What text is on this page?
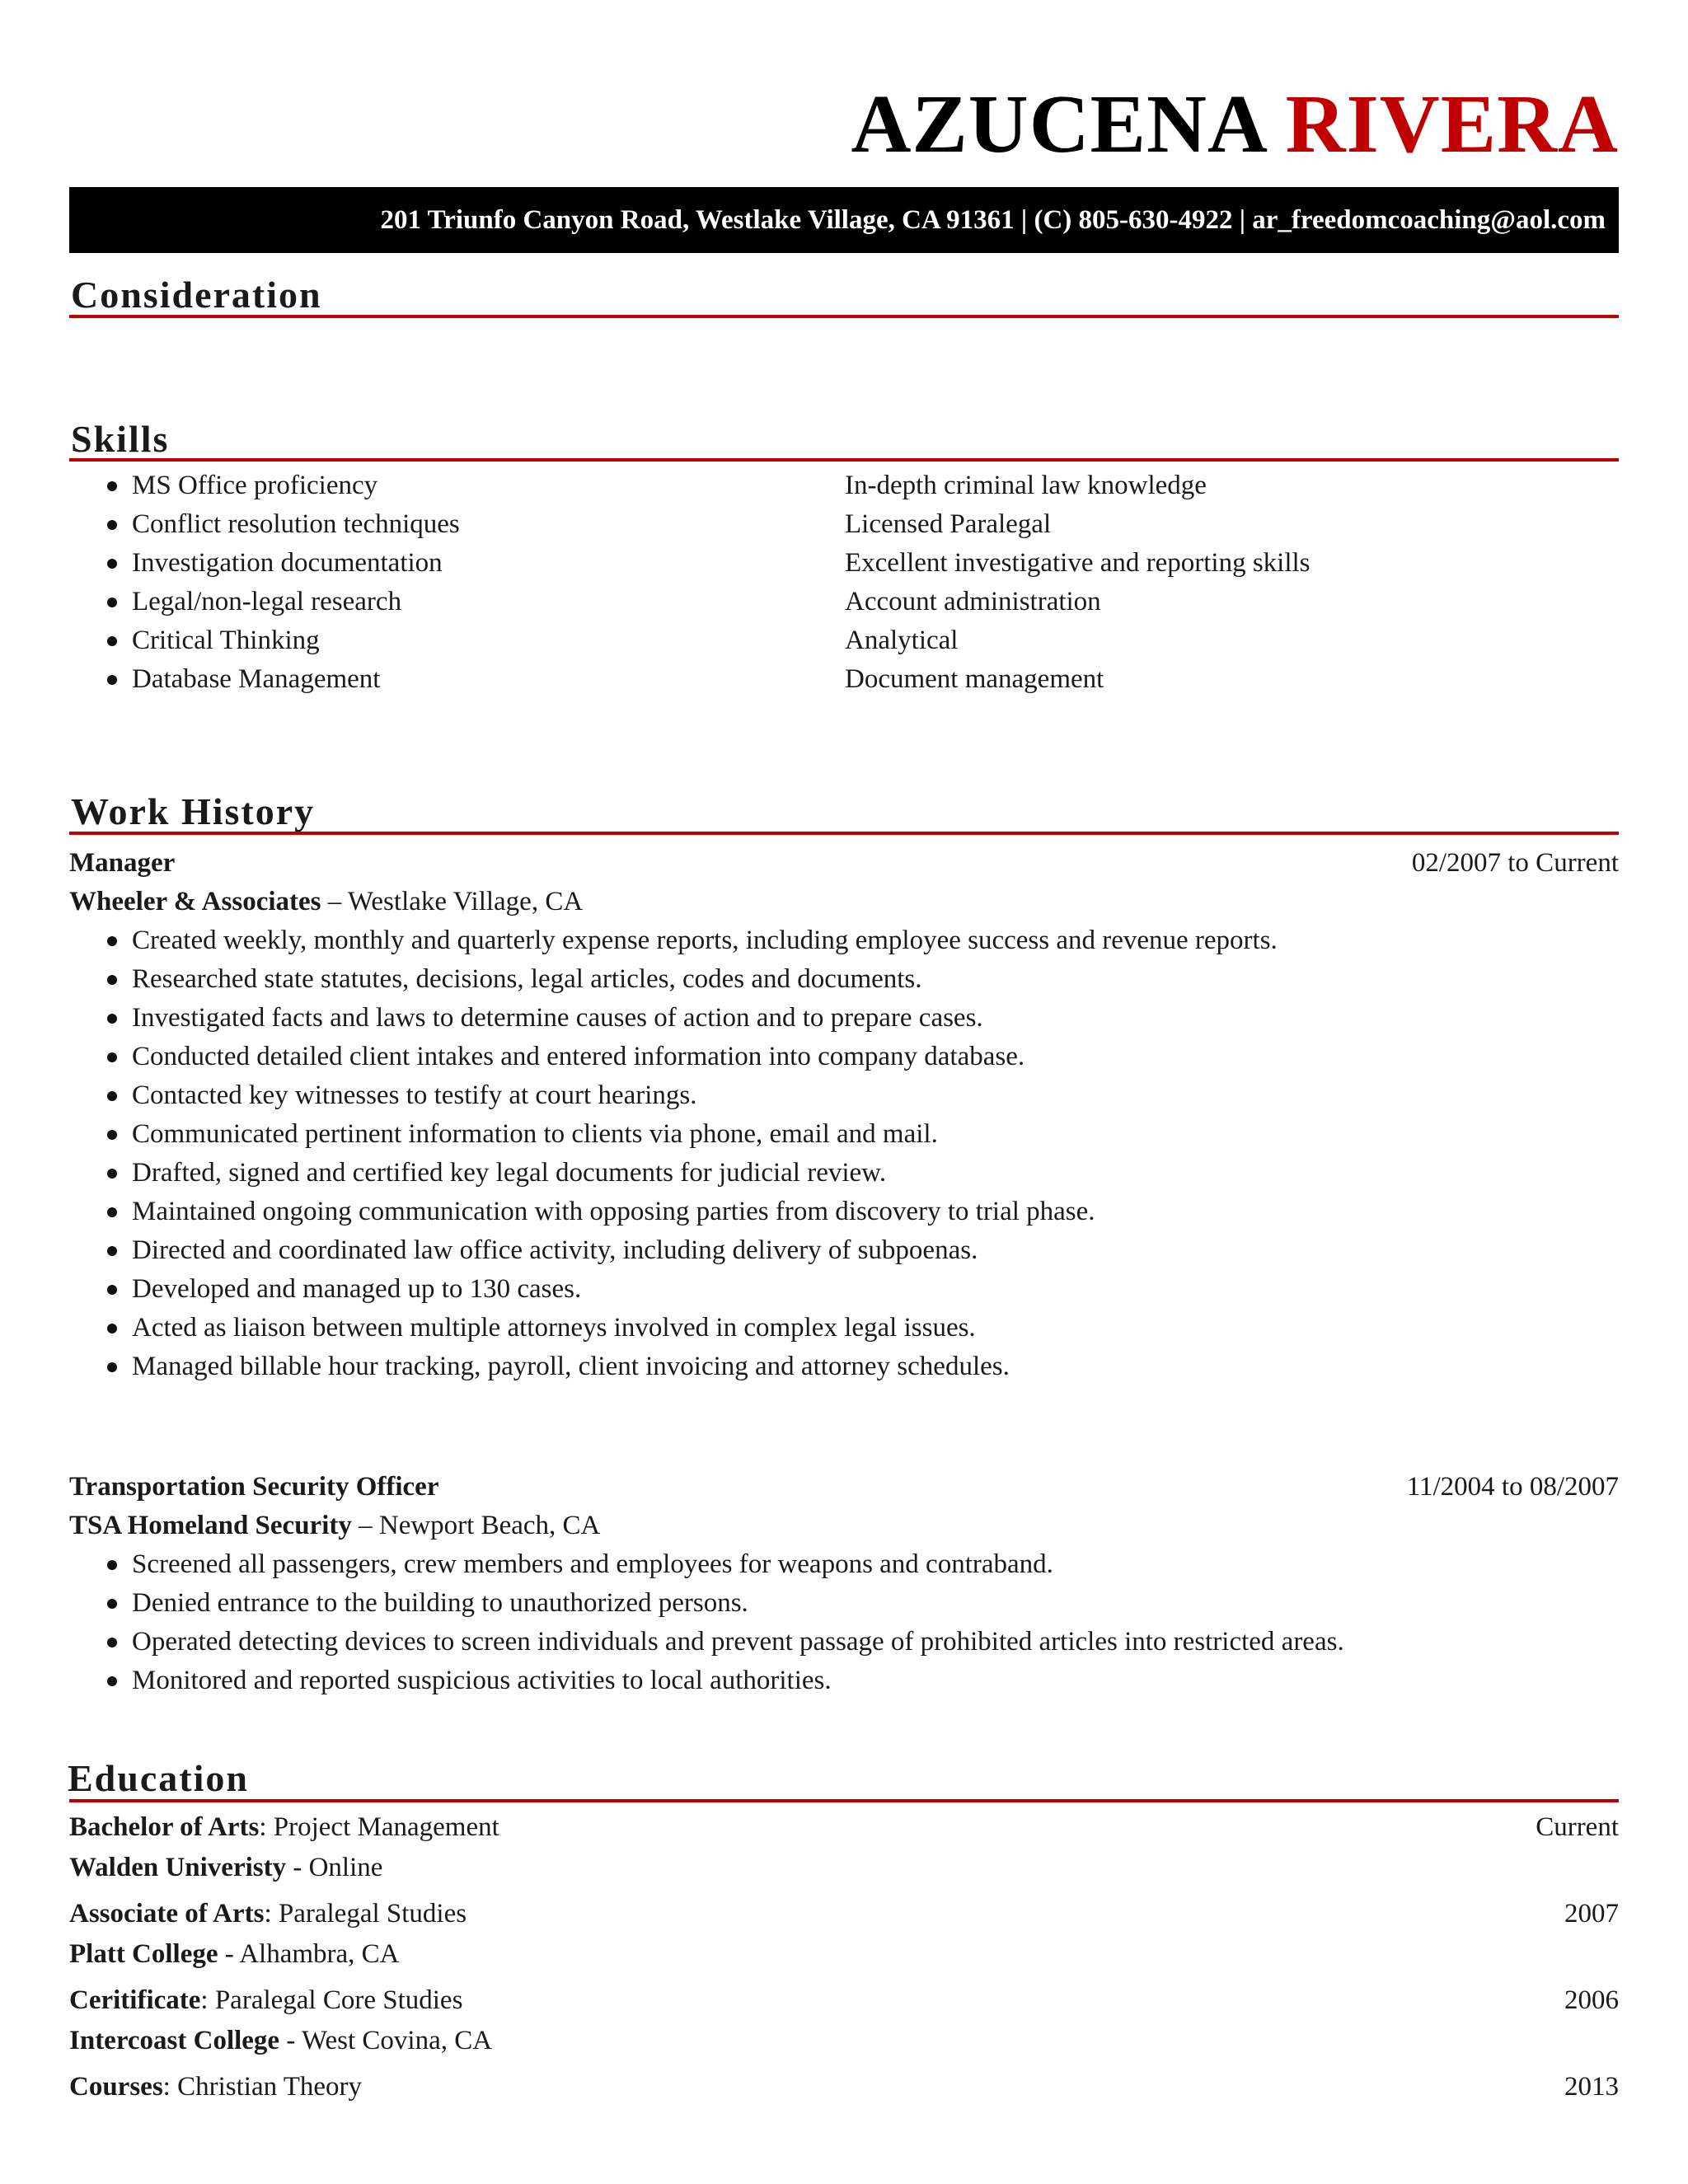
AZUCENA RIVERA
201 Triunfo Canyon Road, Westlake Village, CA 91361 | (C) 805-630-4922 | ar_freedomcoaching@aol.com
Consideration
Skills
MS Office proficiency
Conflict resolution techniques
Investigation documentation
Legal/non-legal research
Critical Thinking
Database Management
In-depth criminal law knowledge
Licensed Paralegal
Excellent investigative and reporting skills
Account administration
Analytical
Document management
Work History
Manager	02/2007 to Current
Wheeler & Associates – Westlake Village, CA
Created weekly, monthly and quarterly expense reports, including employee success and revenue reports.
Researched state statutes, decisions, legal articles, codes and documents.
Investigated facts and laws to determine causes of action and to prepare cases.
Conducted detailed client intakes and entered information into company database.
Contacted key witnesses to testify at court hearings.
Communicated pertinent information to clients via phone, email and mail.
Drafted, signed and certified key legal documents for judicial review.
Maintained ongoing communication with opposing parties from discovery to trial phase.
Directed and coordinated law office activity, including delivery of subpoenas.
Developed and managed up to 130 cases.
Acted as liaison between multiple attorneys involved in complex legal issues.
Managed billable hour tracking, payroll, client invoicing and attorney schedules.
Transportation Security Officer	11/2004 to 08/2007
TSA Homeland Security – Newport Beach, CA
Screened all passengers, crew members and employees for weapons and contraband.
Denied entrance to the building to unauthorized persons.
Operated detecting devices to screen individuals and prevent passage of prohibited articles into restricted areas.
Monitored and reported suspicious activities to local authorities.
Education
Bachelor of Arts: Project Management	Current
Walden Univeristy - Online
Associate of Arts: Paralegal Studies	2007
Platt College - Alhambra, CA
Ceritificate: Paralegal Core Studies	2006
Intercoast College - West Covina, CA
Courses: Christian Theory	2013
